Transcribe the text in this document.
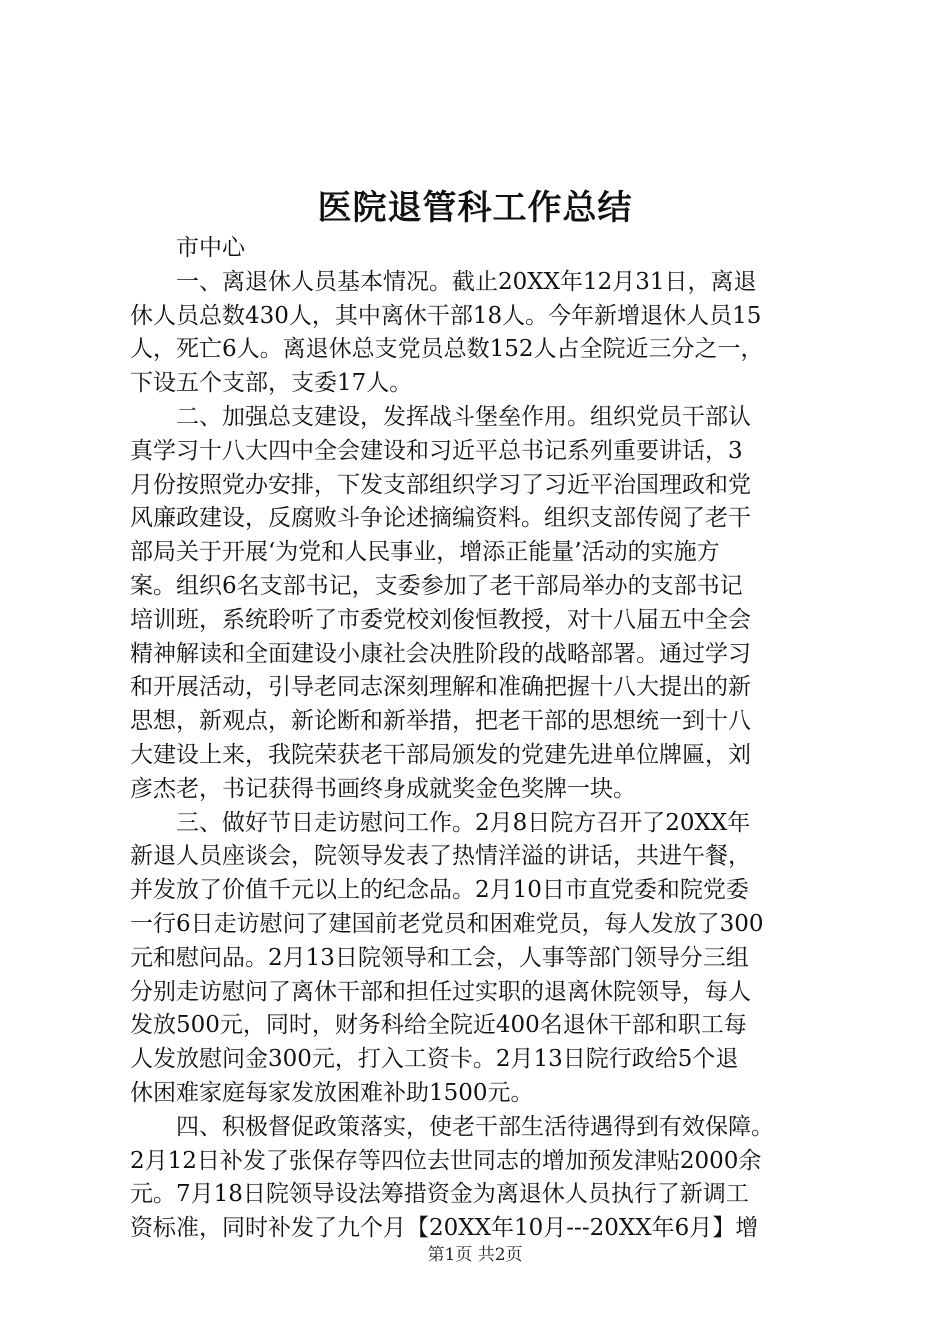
医院退管科工作总结
市中心
一、离退休人员基本情况。截止20XX年12月31日，离退
休人员总数430人，其中离休干部18人。今年新增退休人员15
人，死亡6人。离退休总支党员总数152人占全院近三分之一，
下设五个支部，支委17人。
二、加强总支建设，发挥战斗堡垒作用。组织党员干部认
真学习十八大四中全会建设和习近平总书记系列重要讲话，3
月份按照党办安排，下发支部组织学习了习近平治国理政和党
风廉政建设，反腐败斗争论述摘编资料。组织支部传阅了老干
部局关于开展‘为党和人民事业，增添正能量’活动的实施方
案。组织6名支部书记，支委参加了老干部局举办的支部书记
培训班，系统聆听了市委党校刘俊恒教授，对十八届五中全会
精神解读和全面建设小康社会决胜阶段的战略部署。通过学习
和开展活动，引导老同志深刻理解和准确把握十八大提出的新
思想，新观点，新论断和新举措，把老干部的思想统一到十八
大建设上来，我院荣获老干部局颁发的党建先进单位牌匾，刘
彦杰老，书记获得书画终身成就奖金色奖牌一块。
三、做好节日走访慰问工作。2月8日院方召开了20XX年
新退人员座谈会，院领导发表了热情洋溢的讲话，共进午餐，
并发放了价值千元以上的纪念品。2月10日市直党委和院党委
一行6日走访慰问了建国前老党员和困难党员，每人发放了300
元和慰问品。2月13日院领导和工会，人事等部门领导分三组
分别走访慰问了离休干部和担任过实职的退离休院领导，每人
发放500元，同时，财务科给全院近400名退休干部和职工每
人发放慰问金300元，打入工资卡。2月13日院行政给5个退
休困难家庭每家发放困难补助1500元。
四、积极督促政策落实，使老干部生活待遇得到有效保障。
2月12日补发了张保存等四位去世同志的增加预发津贴2000余
元。7月18日院领导设法筹措资金为离退休人员执行了新调工
资标准，同时补发了九个月【20XX年10月---20XX年6月】增
第1页 共2页
